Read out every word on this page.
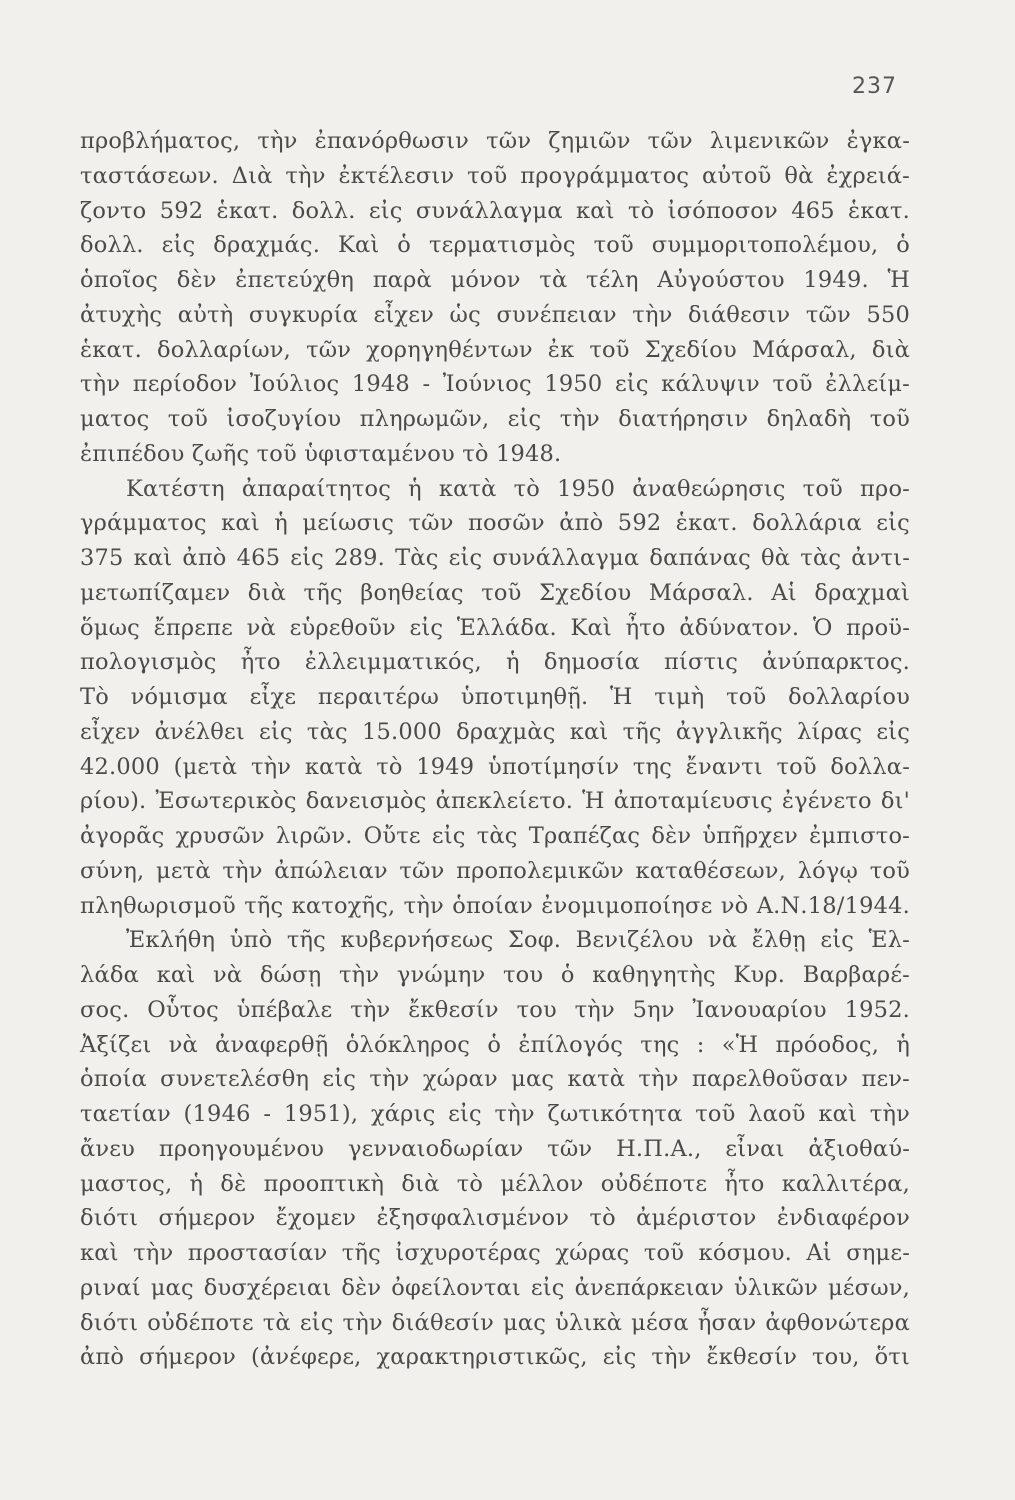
237
προβλήματος, τὴν ἐπανόρθωσιν τῶν ζημιῶν τῶν λιμενικῶν ἐγκα-
ταστάσεων. Διὰ τὴν ἐκτέλεσιν τοῦ προγράμματος αὐτοῦ θὰ ἐχρειά-
ζοντο 592 ἑκατ. δολλ. εἰς συνάλλαγμα καὶ τὸ ἰσόποσον 465 ἑκατ.
δολλ. εἰς δραχμάς. Καὶ ὁ τερματισμὸς τοῦ συμμοριτοπολέμου, ὁ
ὁποῖος δὲν ἐπετεύχθη παρὰ μόνον τὰ τέλη Αὐγούστου 1949. Ἡ
ἀτυχὴς αὐτὴ συγκυρία εἶχεν ὡς συνέπειαν τὴν διάθεσιν τῶν 550
ἑκατ. δολλαρίων, τῶν χορηγηθέντων ἐκ τοῦ Σχεδίου Μάρσαλ, διὰ
τὴν περίοδον Ἰούλιος 1948 - Ἰούνιος 1950 εἰς κάλυψιν τοῦ ἐλλείμ-
ματος τοῦ ἰσοζυγίου πληρωμῶν, εἰς τὴν διατήρησιν δηλαδὴ τοῦ
ἐπιπέδου ζωῆς τοῦ ὑφισταμένου τὸ 1948.
Κατέστη ἀπαραίτητος ἡ κατὰ τὸ 1950 ἀναθεώρησις τοῦ προ-
γράμματος καὶ ἡ μείωσις τῶν ποσῶν ἀπὸ 592 ἑκατ. δολλάρια εἰς
375 καὶ ἀπὸ 465 εἰς 289. Τὰς εἰς συνάλλαγμα δαπάνας θὰ τὰς ἀντι-
μετωπίζαμεν διὰ τῆς βοηθείας τοῦ Σχεδίου Μάρσαλ. Αἱ δραχμαὶ
ὅμως ἔπρεπε νὰ εὑρεθοῦν εἰς Ἑλλάδα. Καὶ ἦτο ἀδύνατον. Ὁ προϋ-
πολογισμὸς ἦτο ἐλλειμματικός, ἡ δημοσία πίστις ἀνύπαρκτος.
Τὸ νόμισμα εἶχε περαιτέρω ὑποτιμηθῇ. Ἡ τιμὴ τοῦ δολλαρίου
εἶχεν ἀνέλθει εἰς τὰς 15.000 δραχμὰς καὶ τῆς ἀγγλικῆς λίρας εἰς
42.000 (μετὰ τὴν κατὰ τὸ 1949 ὑποτίμησίν της ἔναντι τοῦ δολλα-
ρίου). Ἐσωτερικὸς δανεισμὸς ἀπεκλείετο. Ἡ ἀποταμίευσις ἐγένετο δι'
ἀγορᾶς χρυσῶν λιρῶν. Οὔτε εἰς τὰς Τραπέζας δὲν ὑπῆρχεν ἐμπιστο-
σύνη, μετὰ τὴν ἀπώλειαν τῶν προπολεμικῶν καταθέσεων, λόγῳ τοῦ
πληθωρισμοῦ τῆς κατοχῆς, τὴν ὁποίαν ἐνομιμοποίησε νὸ Α.Ν.18/1944.
Ἐκλήθη ὑπὸ τῆς κυβερνήσεως Σοφ. Βενιζέλου νὰ ἔλθῃ εἰς Ἑλ-
λάδα καὶ νὰ δώσῃ τὴν γνώμην του ὁ καθηγητὴς Κυρ. Βαρβαρέ-
σος. Οὗτος ὑπέβαλε τὴν ἔκθεσίν του τὴν 5ην Ἰανουαρίου 1952.
Ἀξίζει νὰ ἀναφερθῇ ὁλόκληρος ὁ ἐπίλογός της : «Ἡ πρόοδος, ἡ
ὁποία συνετελέσθη εἰς τὴν χώραν μας κατὰ τὴν παρελθοῦσαν πεν-
ταετίαν (1946 - 1951), χάρις εἰς τὴν ζωτικότητα τοῦ λαοῦ καὶ τὴν
ἄνευ προηγουμένου γενναιοδωρίαν τῶν Η.Π.Α., εἶναι ἀξιοθαύ-
μαστος, ἡ δὲ προοπτικὴ διὰ τὸ μέλλον οὐδέποτε ἦτο καλλιτέρα,
διότι σήμερον ἔχομεν ἐξησφαλισμένον τὸ ἀμέριστον ἐνδιαφέρον
καὶ τὴν προστασίαν τῆς ἰσχυροτέρας χώρας τοῦ κόσμου. Αἱ σημε-
ριναί μας δυσχέρειαι δὲν ὀφείλονται εἰς ἀνεπάρκειαν ὑλικῶν μέσων,
διότι οὐδέποτε τὰ εἰς τὴν διάθεσίν μας ὑλικὰ μέσα ἦσαν ἀφθονώτερα
ἀπὸ σήμερον (ἀνέφερε, χαρακτηριστικῶς, εἰς τὴν ἔκθεσίν του, ὅτι
